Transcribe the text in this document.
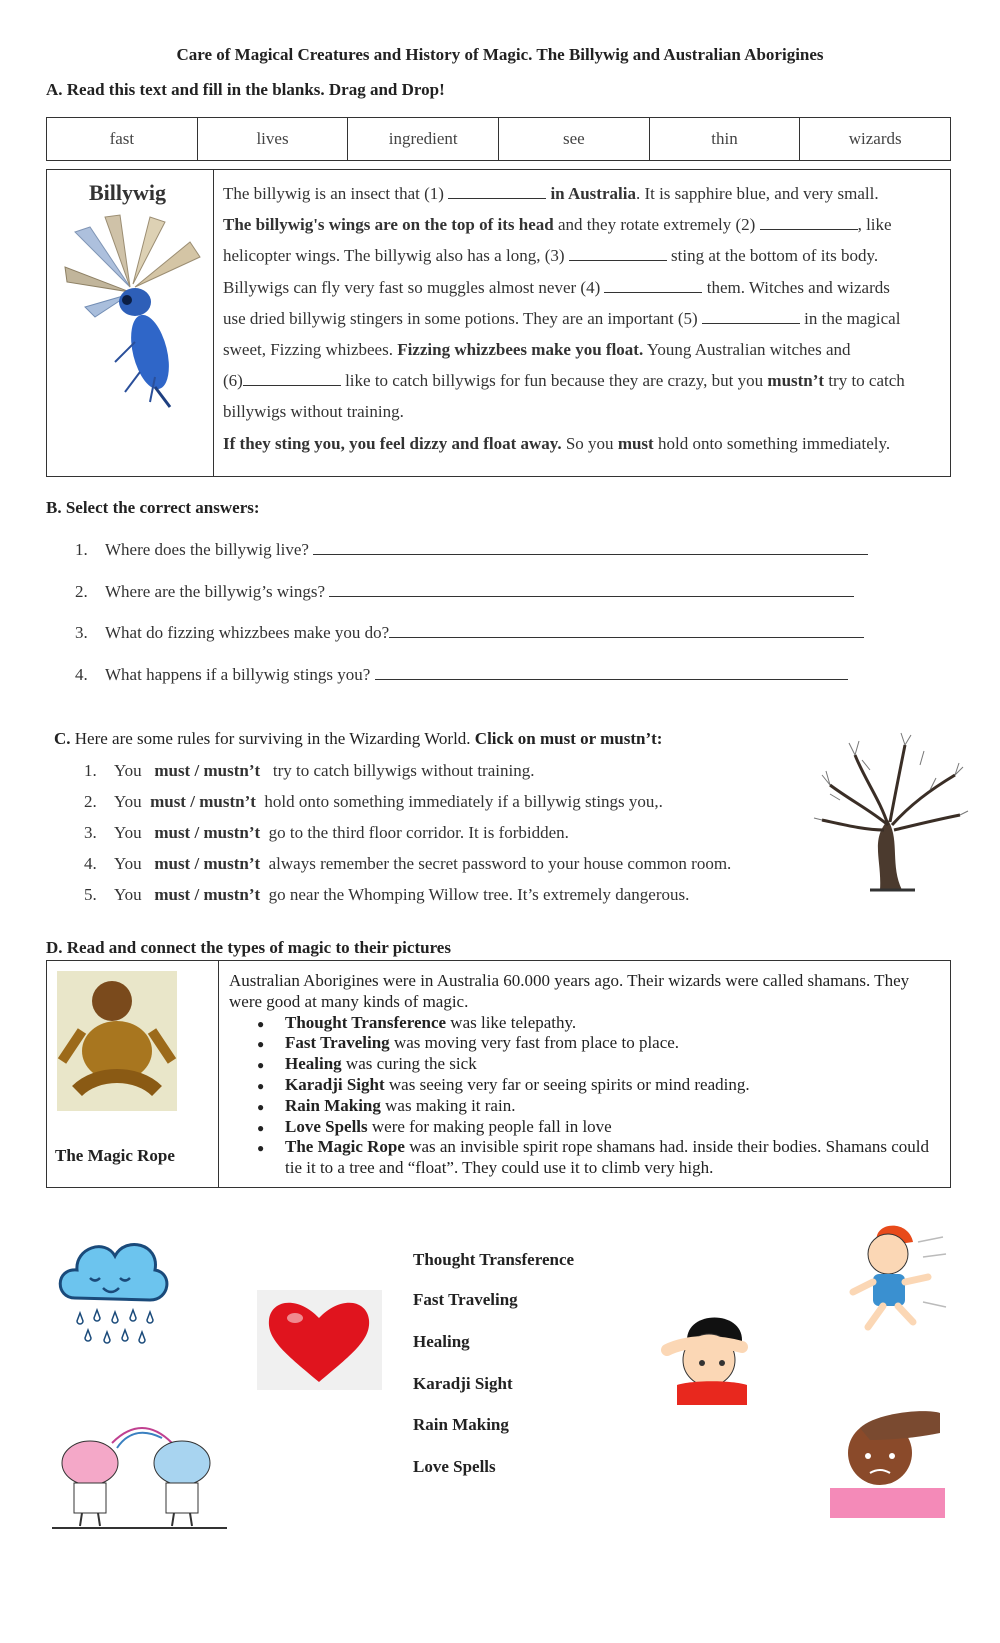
Care of Magical Creatures and History of Magic. The Billywig and Australian Aborigines
A. Read this text and fill in the blanks. Drag and Drop!
fast	lives	ingredient	see	thin	wizards
Billywig	The billywig is an insect that (1)	in Australia. It is sapphire blue, and very small.
The billywig's wings are on the top of its head and they rotate extremely (2)	, like
helicopter wings. The billywig also has a long, (3)	sting at the bottom of its body.
Billywigs can fly very fast so muggles almost never (4)	them. Witches and wizards
use dried billywig stingers in some potions. They are an important (5)	in the magical
sweet, Fizzing whizbees. Fizzing whizzbees make you float. Young Australian witches and
(6)	like to catch billywigs for fun because they are crazy, but you mustn’t try to catch
billywigs without training.
If they sting you, you feel dizzy and float away. So you must hold onto something immediately.
B. Select the correct answers:
1. Where does the billywig live?
2. Where are the billywig’s wings?
3. What do fizzing whizzbees make you do?
4. What happens if a billywig stings you?
C. Here are some rules for surviving in the Wizarding World. Click on must or mustn’t:
1. You must / mustn’t try to catch billywigs without training.
2. You must / mustn’t hold onto something immediately if a billywig stings you,.
3. You must / mustn’t go to the third floor corridor. It is forbidden.
4. You must / mustn’t always remember the secret password to your house common room.
5. You must / mustn’t go near the Whomping Willow tree. It’s extremely dangerous.
D. Read and connect the types of magic to their pictures
The Magic Rope
Australian Aborigines were in Australia 60.000 years ago. Their wizards were called shamans. They were good at many kinds of magic.
● Thought Transference was like telepathy.
● Fast Traveling was moving very fast from place to place.
● Healing was curing the sick
● Karadji Sight was seeing very far or seeing spirits or mind reading.
● Rain Making was making it rain.
● Love Spells were for making people fall in love
● The Magic Rope was an invisible spirit rope shamans had. inside their bodies. Shamans could tie it to a tree and “float”. They could use it to climb very high.
Thought Transference
Fast Traveling
Healing
Karadji Sight
Rain Making
Love Spells
